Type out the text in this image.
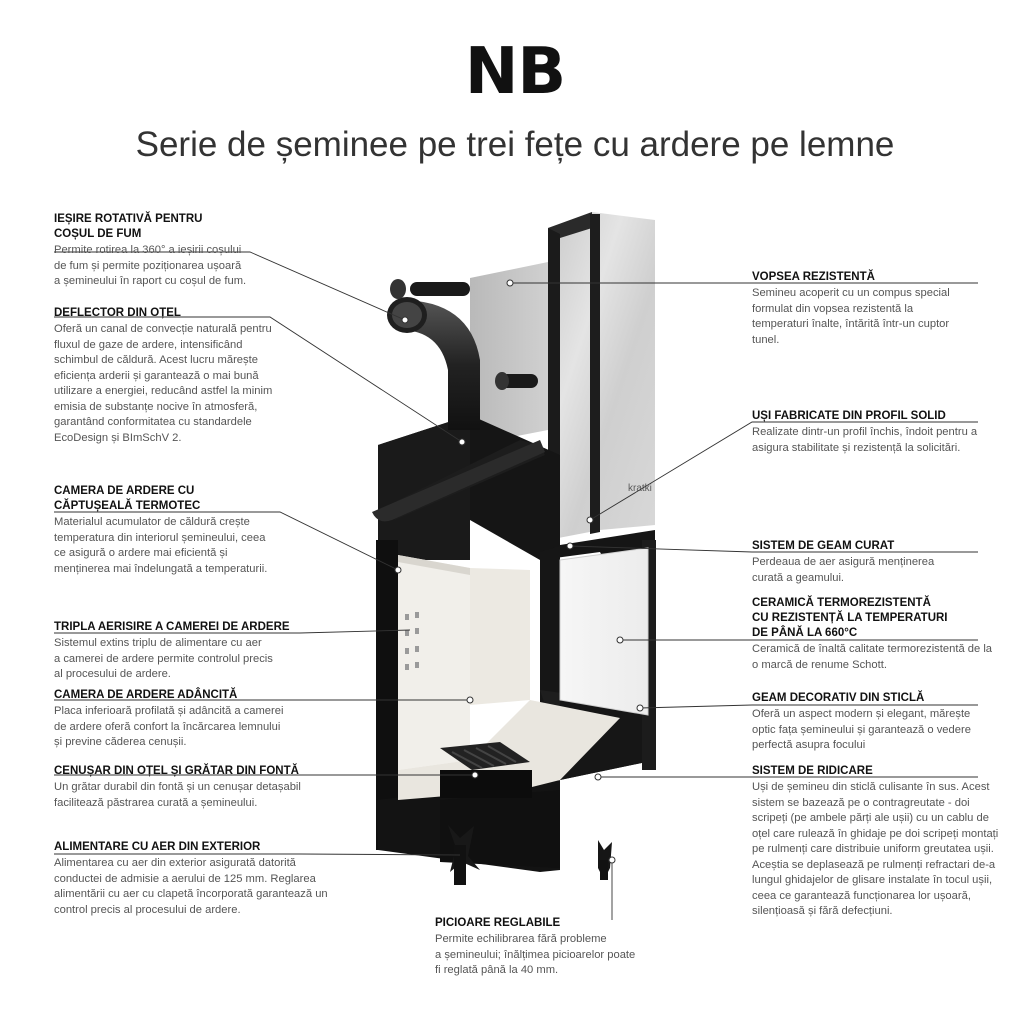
NB
Serie de șeminee pe trei fețe cu ardere pe lemne
kratki
IEȘIRE ROTATIVĂ PENTRU
COȘUL DE FUM
Permite rotirea la 360° a ieșirii coșului
de fum și permite poziționarea ușoară
a șemineului în raport cu coșul de fum.
DEFLECTOR DIN OȚEL
Oferă un canal de convecție naturală pentru
fluxul de gaze de ardere, intensificând
schimbul de căldură. Acest lucru mărește
eficiența arderii și garantează o mai bună
utilizare a energiei, reducând astfel la minim
emisia de substanțe nocive în atmosferă,
garantând conformitatea cu standardele
EcoDesign și BImSchV 2.
CAMERA DE ARDERE CU
CĂPTUȘEALĂ TERMOTEC
Materialul acumulator de căldură crește
temperatura din interiorul șemineului, ceea
ce asigură o ardere mai eficientă și
menținerea mai îndelungată a temperaturii.
TRIPLA AERISIRE A CAMEREI DE ARDERE
Sistemul extins triplu de alimentare cu aer
a camerei de ardere permite controlul precis
al procesului de ardere.
CAMERA DE ARDERE ADÂNCITĂ
Placa inferioară profilată și adâncită a camerei
de ardere oferă confort la încărcarea lemnului
și previne căderea cenușii.
CENUȘAR DIN OȚEL ȘI GRĂTAR DIN FONTĂ
Un grătar durabil din fontă și un cenușar detașabil
facilitează păstrarea curată a șemineului.
ALIMENTARE CU AER DIN EXTERIOR
Alimentarea cu aer din exterior asigurată datorită
conductei de admisie a aerului de 125 mm. Reglarea
alimentării cu aer cu clapetă încorporată garantează un
control precis al procesului de ardere.
PICIOARE REGLABILE
Permite echilibrarea fără probleme
a șemineului; înălțimea picioarelor poate
fi reglată până la 40 mm.
VOPSEA REZISTENTĂ
Semineu acoperit cu un compus special
formulat din vopsea rezistentă la
temperaturi înalte, întărită într-un cuptor
tunel.
UȘI FABRICATE DIN PROFIL SOLID
Realizate dintr-un profil închis, îndoit pentru a
asigura stabilitate și rezistență la solicitări.
SISTEM DE GEAM CURAT
Perdeaua de aer asigură menținerea
curată a geamului.
CERAMICĂ TERMOREZISTENTĂ
CU REZISTENȚĂ LA TEMPERATURI
DE PÂNĂ LA 660°C
Ceramică de înaltă calitate termorezistentă de la
o marcă de renume Schott.
GEAM DECORATIV DIN STICLĂ
Oferă un aspect modern și elegant, mărește
optic fața șemineului și garantează o vedere
perfectă asupra focului
SISTEM DE RIDICARE
Uși de șemineu din sticlă culisante în sus. Acest
sistem se bazează pe o contragreutate - doi
scripeți (pe ambele părți ale ușii) cu un cablu de
oțel care rulează în ghidaje pe doi scripeți montați
pe rulmenți care distribuie uniform greutatea ușii.
Aceștia se deplasează pe rulmenți refractari de-a
lungul ghidajelor de glisare instalate în tocul ușii,
ceea ce garantează funcționarea lor ușoară,
silențioasă și fără defecțiuni.
